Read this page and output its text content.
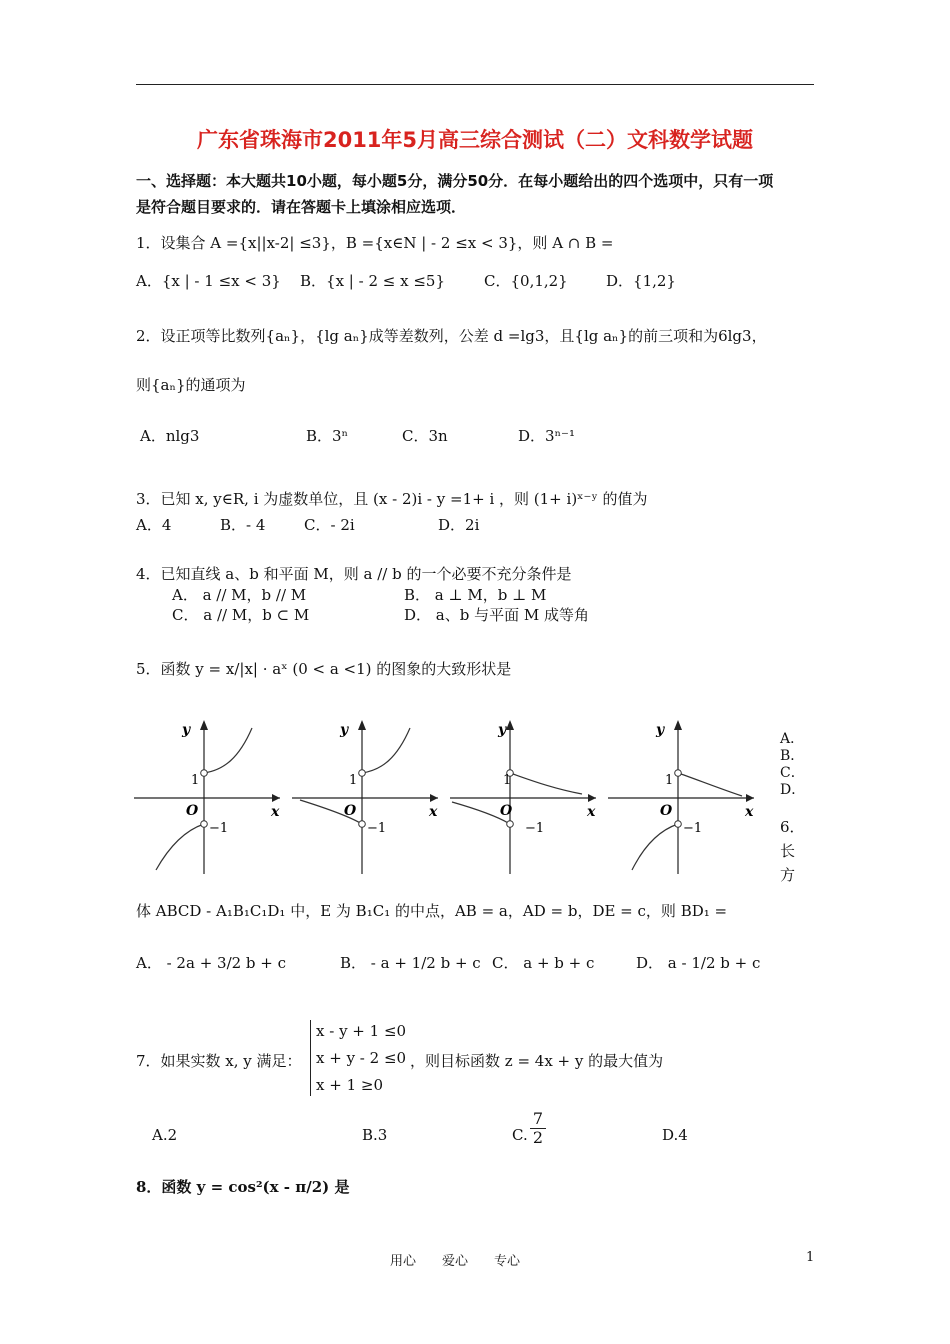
广东省珠海市2011年5月高三综合测试（二）文科数学试题
一、选择题：本大题共10小题，每小题5分，满分50分．在每小题给出的四个选项中，只有一项
是符合题目要求的．请在答题卡上填涂相应选项．
1．设集合 A ={x||x-2| ≤3}，B ={x∈N | - 2 ≤x < 3}，则 A ∩ B =
A．{x | - 1 ≤x < 3} B．{x | - 2 ≤ x ≤5}	C．{0,1,2}	D．{1,2}
2．设正项等比数列{aₙ}，{lg aₙ}成等差数列，公差 d =lg3，且{lg aₙ}的前三项和为6lg3，
则{aₙ}的通项为
A．nlg3	B．3ⁿ	C．3n	D．3ⁿ⁻¹
3．已知 x, y∈R, i 为虚数单位，且 (x - 2)i - y =1+ i ，则 (1+ i)ˣ⁻ʸ 的值为
A．4	B．- 4	C．- 2i	D．2i
4．已知直线 a、b 和平面 M，则 a // b 的一个必要不充分条件是
A． a // M，b // M	B． a ⊥ M，b ⊥ M
C． a // M，b ⊂ M	D． a、b 与平面 M 成等角
5．函数 y = x/|x| · aˣ (0 < a <1) 的图象的大致形状是
y
x
O
1
−1
y
x
O
1
−1
y
x
O
1
−1
y
x
O
1
−1
A．
B．
C．
D．
6．长方
体 ABCD - A₁B₁C₁D₁ 中，E 为 B₁C₁ 的中点，AB = a，AD = b，DE = c，则 BD₁ =
A． - 2a + 3/2 b + c	B． - a + 1/2 b + c C． a + b + c	D． a - 1/2 b + c
7．如果实数 x, y 满足：
x - y + 1 ≤0
x + y - 2 ≤0
x + 1 ≥0
，则目标函数 z = 4x + y 的最大值为
A.2	B.3	C. $\frac{7}{2}$	D.4
8．函数 y = cos²(x - π/2) 是
用心　　爱心　　专心	1
